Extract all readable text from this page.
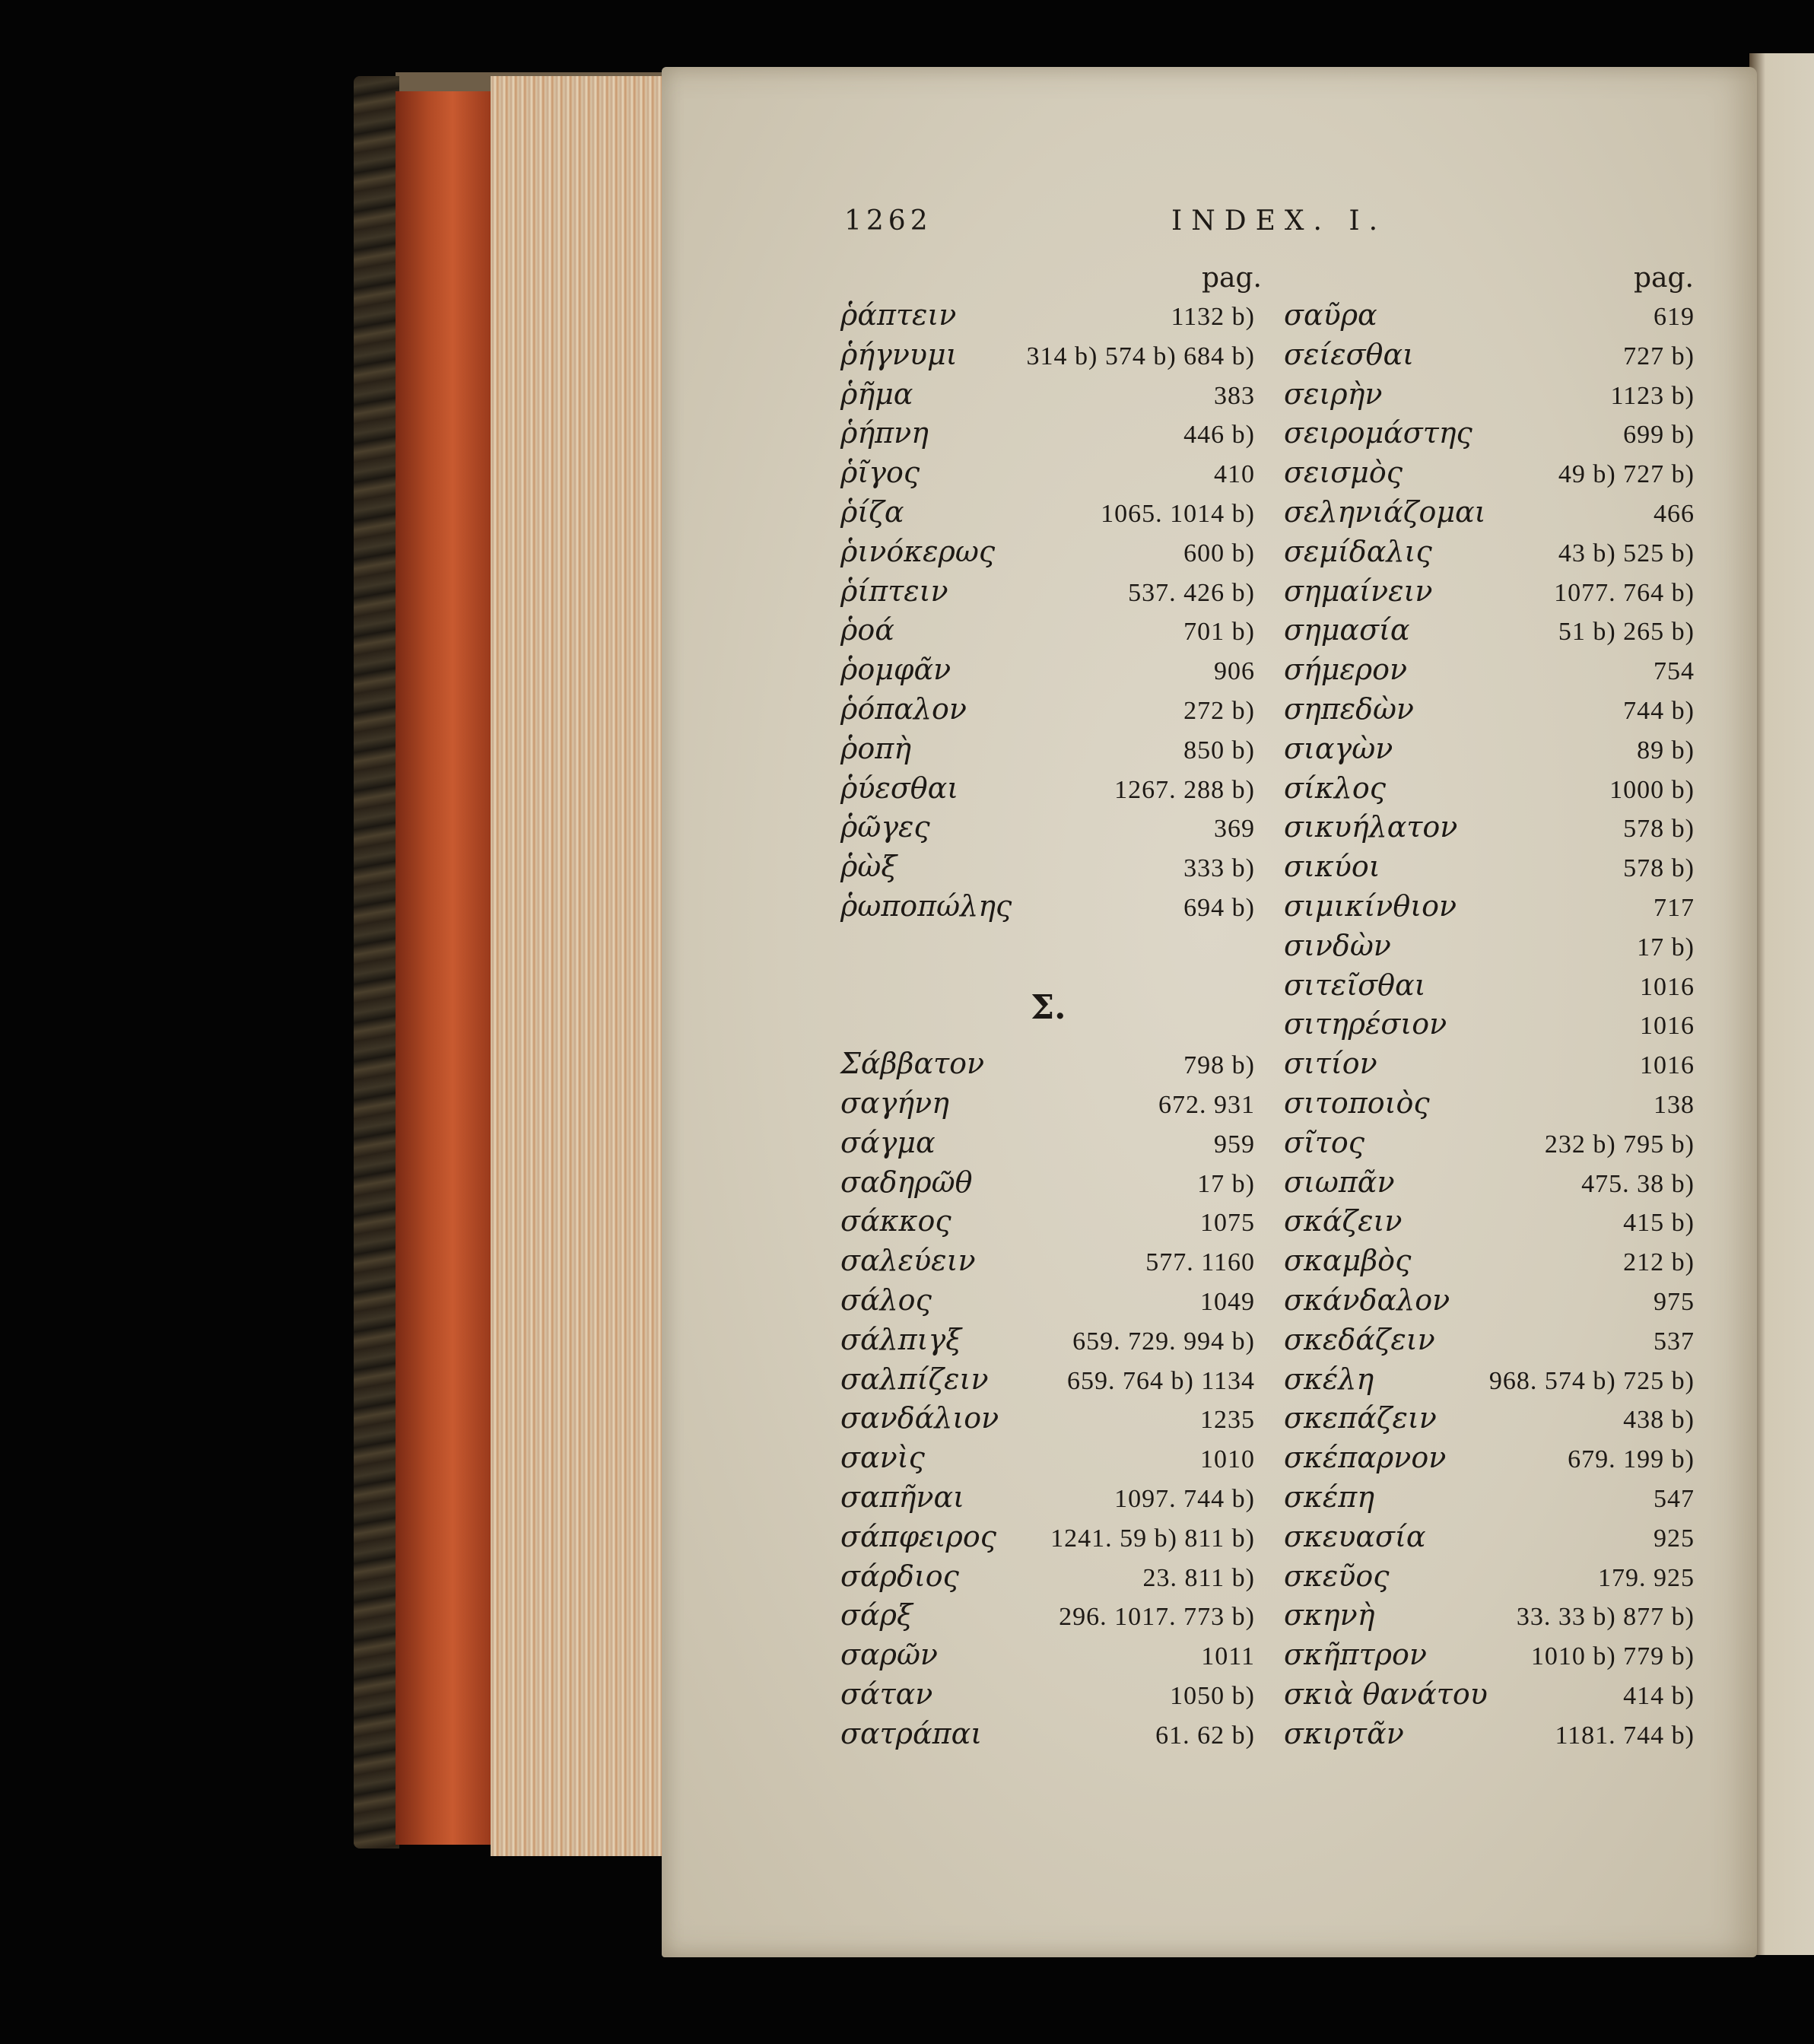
1262	INDEX. I.
pag.	pag.
ῥάπτειν	1132 b)
ῥήγνυμι	314 b) 574 b) 684 b)
ῥῆμα	383
ῥήπνη	446 b)
ῥῖγος	410
ῥίζα	1065. 1014 b)
ῥινόκερως	600 b)
ῥίπτειν	537. 426 b)
ῥοά	701 b)
ῥομφᾶν	906
ῥόπαλον	272 b)
ῥοπὴ	850 b)
ῥύεσθαι	1267. 288 b)
ῥῶγες	369
ῥὼξ	333 b)
ῥωποπώλης	694 b)
Σ.
Σάββατον	798 b)
σαγήνη	672. 931
σάγμα	959
σαδηρῶθ	17 b)
σάκκος	1075
σαλεύειν	577. 1160
σάλος	1049
σάλπιγξ	659. 729. 994 b)
σαλπίζειν	659. 764 b) 1134
σανδάλιον	1235
σανὶς	1010
σαπῆναι	1097. 744 b)
σάπφειρος 1241. 59 b) 811 b)
σάρδιος	23. 811 b)
σάρξ	296. 1017. 773 b)
σαρῶν	1011
σάταν	1050 b)
σατράπαι	61. 62 b)
σαῦρα	619
σείεσθαι	727 b)
σειρὴν	1123 b)
σειρομάστης	699 b)
σεισμὸς	49 b) 727 b)
σεληνιάζομαι	466
σεμίδαλις	43 b) 525 b)
σημαίνειν	1077. 764 b)
σημασία	51 b) 265 b)
σήμερον	754
σηπεδὼν	744 b)
σιαγὼν	89 b)
σίκλος	1000 b)
σικυήλατον	578 b)
σικύοι	578 b)
σιμικίνθιον	717
σινδὼν	17 b)
σιτεῖσθαι	1016
σιτηρέσιον	1016
σιτίον	1016
σιτοποιὸς	138
σῖτος	232 b) 795 b)
σιωπᾶν	475. 38 b)
σκάζειν	415 b)
σκαμβὸς	212 b)
σκάνδαλον	975
σκεδάζειν	537
σκέλη	968. 574 b) 725 b)
σκεπάζειν	438 b)
σκέπαρνον	679. 199 b)
σκέπη	547
σκευασία	925
σκεῦος	179. 925
σκηνὴ	33. 33 b) 877 b)
σκῆπτρον	1010 b) 779 b)
σκιὰ θανάτου	414 b)
σκιρτᾶν	1181. 744 b)
